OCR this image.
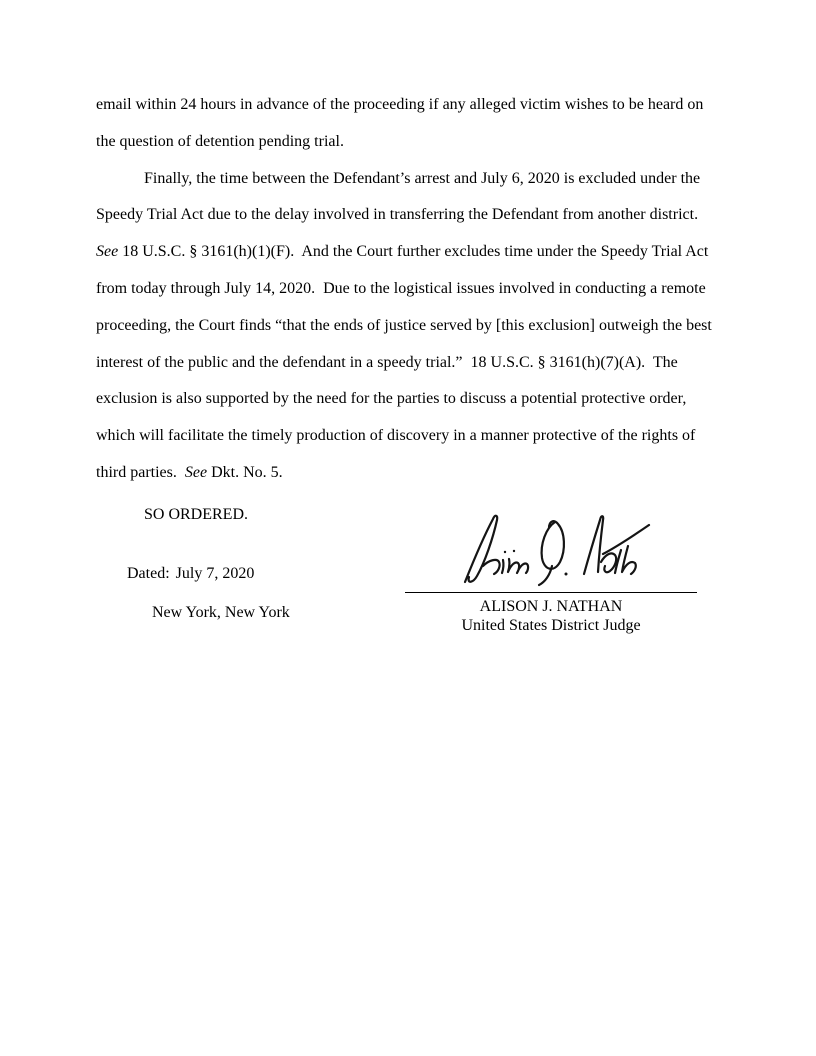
email within 24 hours in advance of the proceeding if any alleged victim wishes to be heard on
the question of detention pending trial.
Finally, the time between the Defendant’s arrest and July 6, 2020 is excluded under the
Speedy Trial Act due to the delay involved in transferring the Defendant from another district.
See 18 U.S.C. § 3161(h)(1)(F).  And the Court further excludes time under the Speedy Trial Act
from today through July 14, 2020.  Due to the logistical issues involved in conducting a remote
proceeding, the Court finds “that the ends of justice served by [this exclusion] outweigh the best
interest of the public and the defendant in a speedy trial.”  18 U.S.C. § 3161(h)(7)(A).  The
exclusion is also supported by the need for the parties to discuss a potential protective order,
which will facilitate the timely production of discovery in a manner protective of the rights of
third parties.  See Dkt. No. 5.
SO ORDERED.

Dated: July 7, 2020

New York, New York	ALISON J. NATHAN
United States District Judge
